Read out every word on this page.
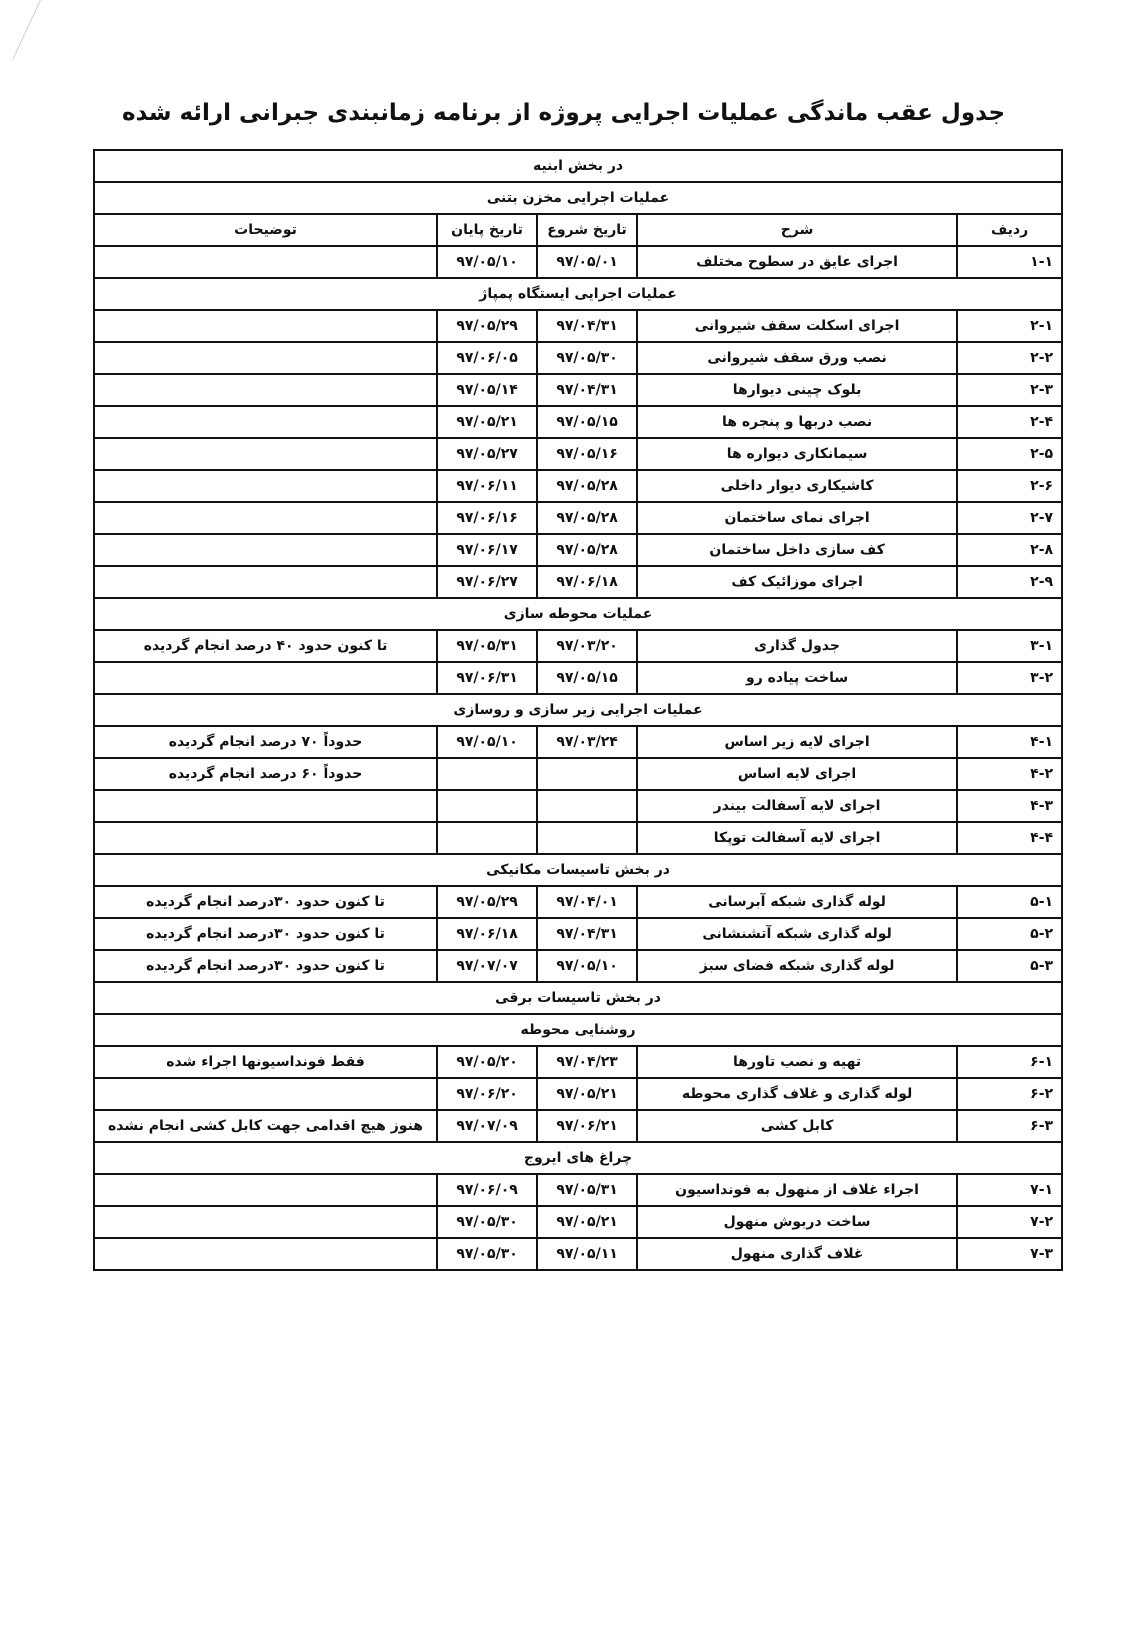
جدول عقب ماندگی عملیات اجرایی پروژه از برنامه زمانبندی جبرانی ارائه شده
در بخش ابنیه				
عملیات اجرایی مخزن بتنی				
ردیف	شرح	تاریخ شروع	تاریخ پایان	توضیحات
۱-۱	اجرای عایق در سطوح مختلف	۹۷/۰۵/۰۱	۹۷/۰۵/۱۰	
عملیات اجرایی ایستگاه پمپاژ				
۲-۱	اجرای اسکلت سقف شیروانی	۹۷/۰۴/۳۱	۹۷/۰۵/۲۹	
۲-۲	نصب ورق سقف شیروانی	۹۷/۰۵/۳۰	۹۷/۰۶/۰۵	
۲-۳	بلوک چینی دیوارها	۹۷/۰۴/۳۱	۹۷/۰۵/۱۴	
۲-۴	نصب دربها و پنجره ها	۹۷/۰۵/۱۵	۹۷/۰۵/۲۱	
۲-۵	سیمانکاری دیواره ها	۹۷/۰۵/۱۶	۹۷/۰۵/۲۷	
۲-۶	کاشیکاری دیوار داخلی	۹۷/۰۵/۲۸	۹۷/۰۶/۱۱	
۲-۷	اجرای نمای ساختمان	۹۷/۰۵/۲۸	۹۷/۰۶/۱۶	
۲-۸	کف سازی داخل ساختمان	۹۷/۰۵/۲۸	۹۷/۰۶/۱۷	
۲-۹	اجرای موزائیک کف	۹۷/۰۶/۱۸	۹۷/۰۶/۲۷	
عملیات محوطه سازی				
۳-۱	جدول گذاری	۹۷/۰۳/۲۰	۹۷/۰۵/۳۱	تا کنون حدود ۴۰ درصد انجام گردیده
۳-۲	ساخت پیاده رو	۹۷/۰۵/۱۵	۹۷/۰۶/۳۱	
عملیات اجرایی زیر سازی و روسازی				
۴-۱	اجرای لایه زیر اساس	۹۷/۰۳/۲۴	۹۷/۰۵/۱۰	حدوداً ۷۰ درصد انجام گردیده
۴-۲	اجرای لایه اساس			حدوداً ۶۰ درصد انجام گردیده
۴-۳	اجرای لایه آسفالت بیندر			
۴-۴	اجرای لایه آسفالت توپکا			
در بخش تاسیسات مکانیکی				
۵-۱	لوله گذاری شبکه آبرسانی	۹۷/۰۴/۰۱	۹۷/۰۵/۲۹	تا کنون حدود ۳۰درصد انجام گردیده
۵-۲	لوله گذاری شبکه آتشنشانی	۹۷/۰۴/۳۱	۹۷/۰۶/۱۸	تا کنون حدود ۳۰درصد انجام گردیده
۵-۳	لوله گذاری شبکه فضای سبز	۹۷/۰۵/۱۰	۹۷/۰۷/۰۷	تا کنون حدود ۳۰درصد انجام گردیده
در بخش تاسیسات برقی				
روشنایی محوطه				
۶-۱	تهیه و نصب تاورها	۹۷/۰۴/۲۳	۹۷/۰۵/۲۰	فقط فونداسیونها اجراء شده
۶-۲	لوله گذاری و غلاف گذاری محوطه	۹۷/۰۵/۲۱	۹۷/۰۶/۲۰	
۶-۳	کابل کشی	۹۷/۰۶/۲۱	۹۷/۰۷/۰۹	هنوز هیچ اقدامی جهت کابل کشی انجام نشده
چراغ های ایروج				
۷-۱	اجراء غلاف از منهول به فونداسیون	۹۷/۰۵/۳۱	۹۷/۰۶/۰۹	
۷-۲	ساخت دربوش منهول	۹۷/۰۵/۲۱	۹۷/۰۵/۳۰	
۷-۳	غلاف گذاری منهول	۹۷/۰۵/۱۱	۹۷/۰۵/۳۰	
